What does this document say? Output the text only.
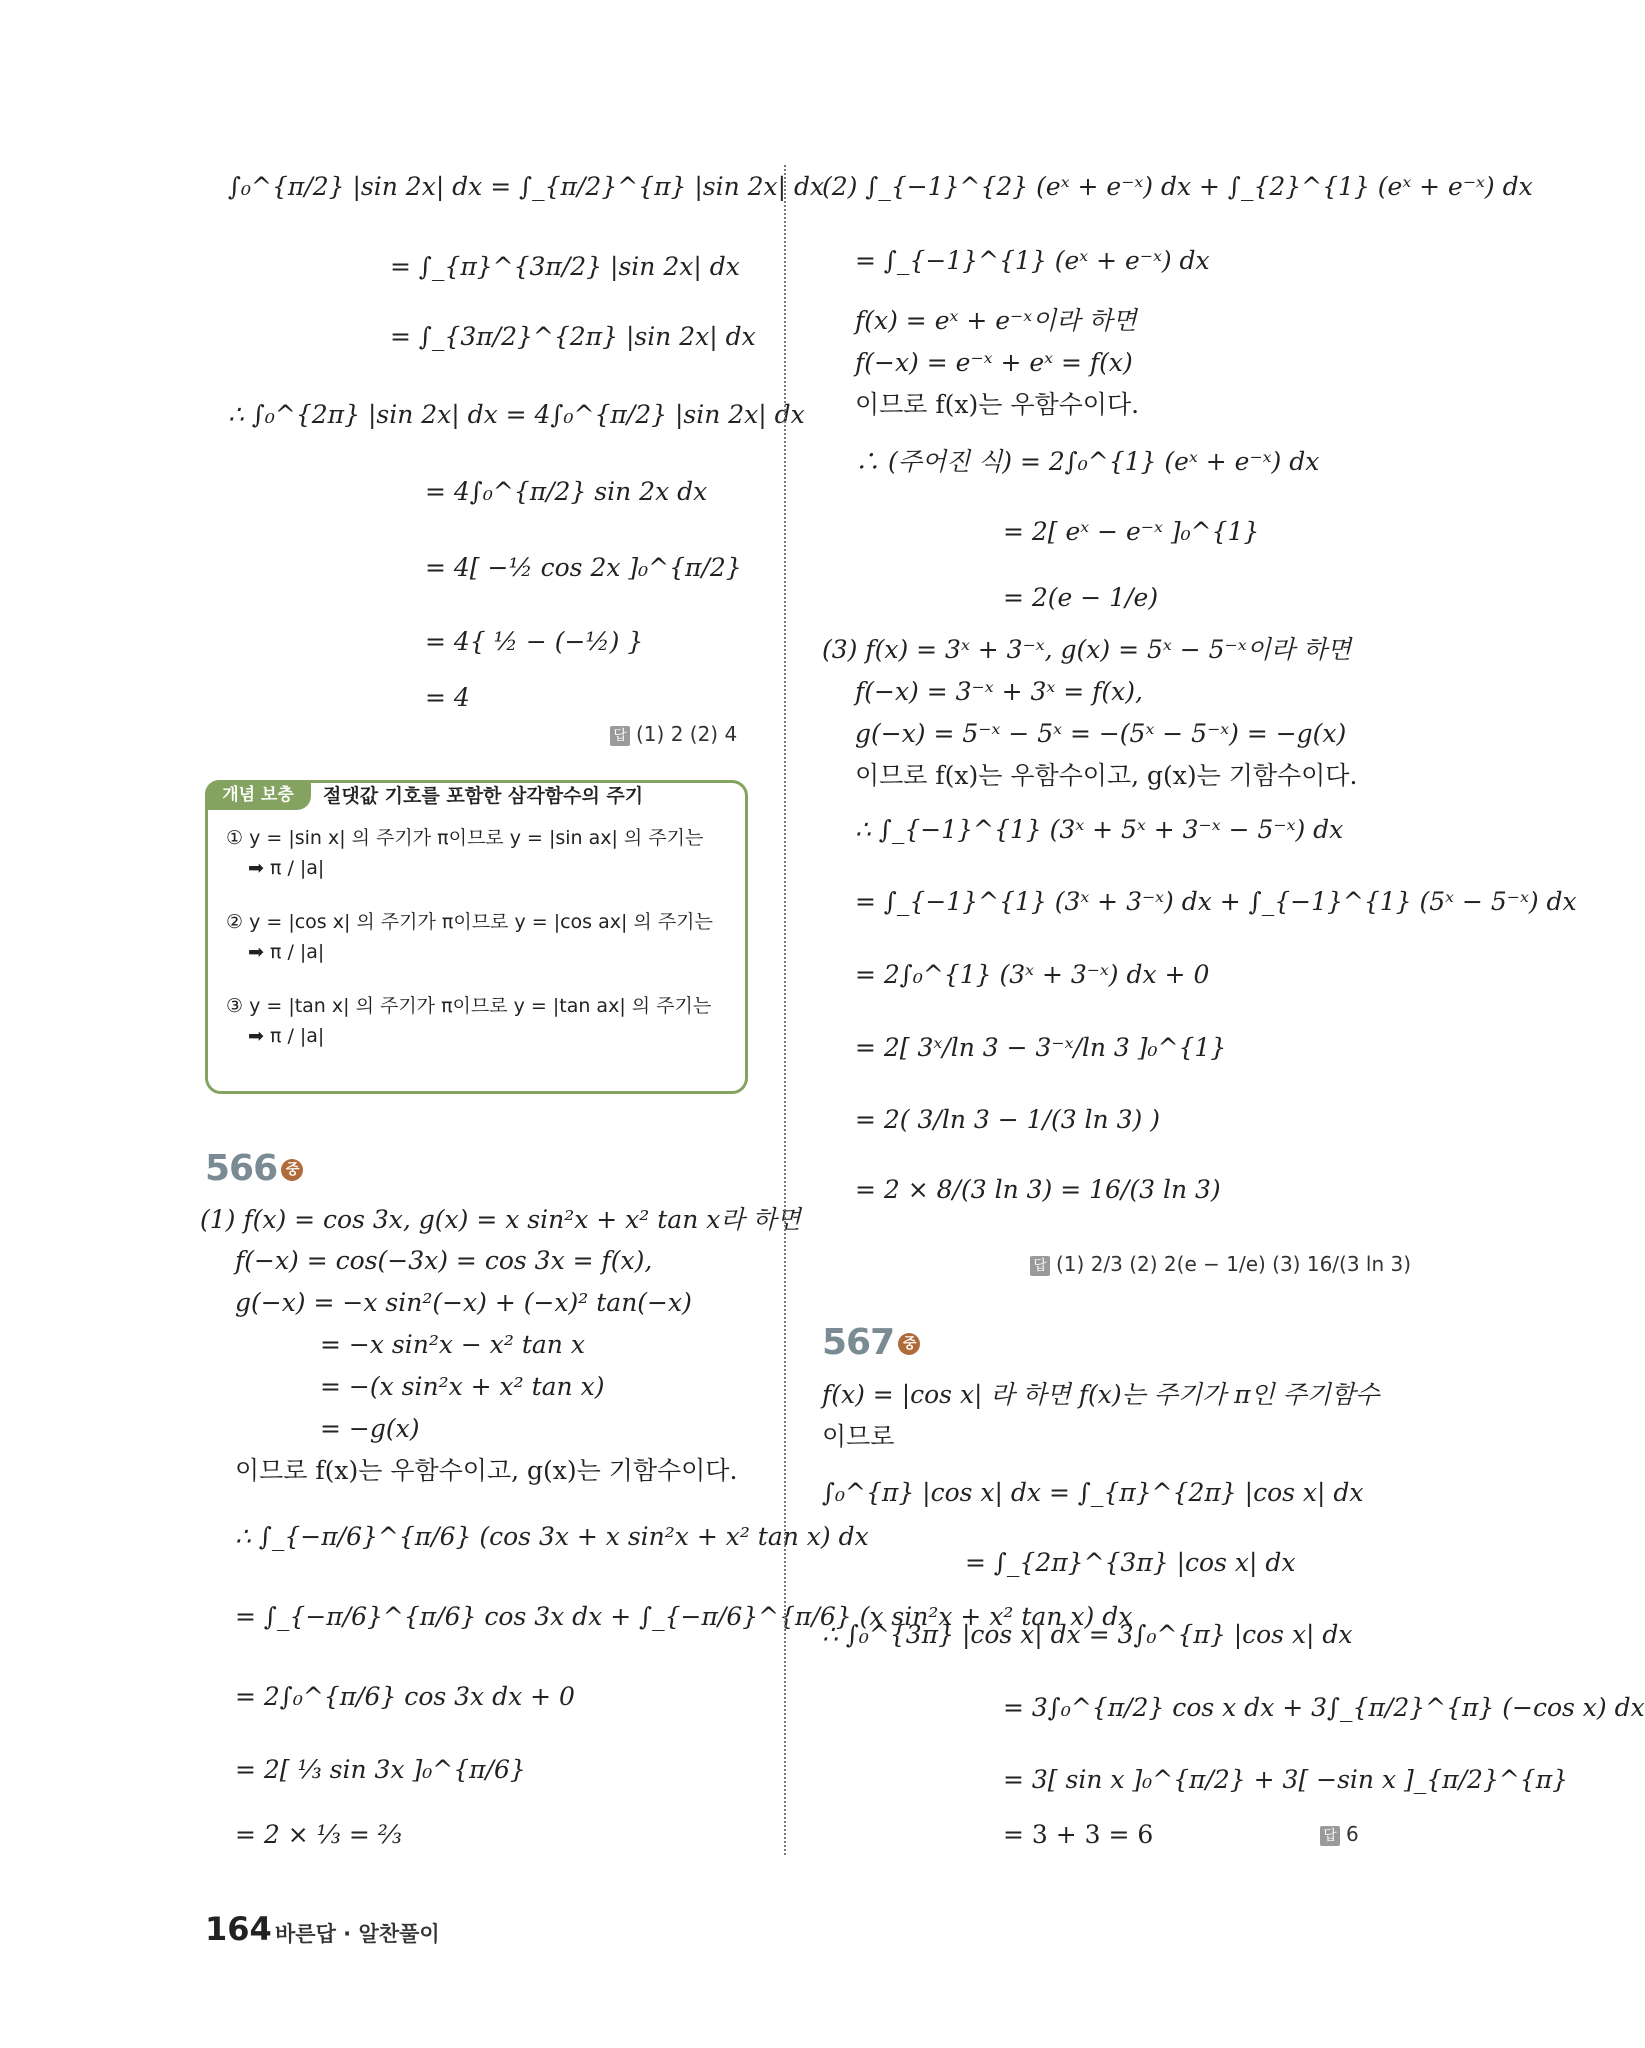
∫₀^{π/2} |sin 2x| dx = ∫_{π/2}^{π} |sin 2x| dx
= ∫_{π}^{3π/2} |sin 2x| dx
= ∫_{3π/2}^{2π} |sin 2x| dx
∴ ∫₀^{2π} |sin 2x| dx = 4∫₀^{π/2} |sin 2x| dx
= 4∫₀^{π/2} sin 2x dx
= 4[ −½ cos 2x ]₀^{π/2}
= 4{ ½ − (−½) }
= 4
답 (1) 2 (2) 4
개념 보충	절댓값 기호를 포함한 삼각함수의 주기
① y = |sin x| 의 주기가 π이므로 y = |sin ax| 의 주기는
➡ π / |a|
② y = |cos x| 의 주기가 π이므로 y = |cos ax| 의 주기는
➡ π / |a|
③ y = |tan x| 의 주기가 π이므로 y = |tan ax| 의 주기는
➡ π / |a|
566 중
(1) f(x) = cos 3x, g(x) = x sin²x + x² tan x라 하면
f(−x) = cos(−3x) = cos 3x = f(x),
g(−x) = −x sin²(−x) + (−x)² tan(−x)
= −x sin²x − x² tan x
= −(x sin²x + x² tan x)
= −g(x)
이므로 f(x)는 우함수이고, g(x)는 기함수이다.
∴ ∫_{−π/6}^{π/6} (cos 3x + x sin²x + x² tan x) dx
= ∫_{−π/6}^{π/6} cos 3x dx + ∫_{−π/6}^{π/6} (x sin²x + x² tan x) dx
= 2∫₀^{π/6} cos 3x dx + 0
= 2[ ⅓ sin 3x ]₀^{π/6}
= 2 × ⅓ = ⅔
(2) ∫_{−1}^{2} (eˣ + e⁻ˣ) dx + ∫_{2}^{1} (eˣ + e⁻ˣ) dx
= ∫_{−1}^{1} (eˣ + e⁻ˣ) dx
f(x) = eˣ + e⁻ˣ이라 하면
f(−x) = e⁻ˣ + eˣ = f(x)
이므로 f(x)는 우함수이다.
∴ (주어진 식) = 2∫₀^{1} (eˣ + e⁻ˣ) dx
= 2[ eˣ − e⁻ˣ ]₀^{1}
= 2(e − 1/e)
(3) f(x) = 3ˣ + 3⁻ˣ, g(x) = 5ˣ − 5⁻ˣ이라 하면
f(−x) = 3⁻ˣ + 3ˣ = f(x),
g(−x) = 5⁻ˣ − 5ˣ = −(5ˣ − 5⁻ˣ) = −g(x)
이므로 f(x)는 우함수이고, g(x)는 기함수이다.
∴ ∫_{−1}^{1} (3ˣ + 5ˣ + 3⁻ˣ − 5⁻ˣ) dx
= ∫_{−1}^{1} (3ˣ + 3⁻ˣ) dx + ∫_{−1}^{1} (5ˣ − 5⁻ˣ) dx
= 2∫₀^{1} (3ˣ + 3⁻ˣ) dx + 0
= 2[ 3ˣ/ln 3 − 3⁻ˣ/ln 3 ]₀^{1}
= 2( 3/ln 3 − 1/(3 ln 3) )
= 2 × 8/(3 ln 3) = 16/(3 ln 3)
답 (1) 2/3 (2) 2(e − 1/e) (3) 16/(3 ln 3)
567 중
f(x) = |cos x| 라 하면 f(x)는 주기가 π인 주기함수
이므로
∫₀^{π} |cos x| dx = ∫_{π}^{2π} |cos x| dx
= ∫_{2π}^{3π} |cos x| dx
∴ ∫₀^{3π} |cos x| dx = 3∫₀^{π} |cos x| dx
= 3∫₀^{π/2} cos x dx + 3∫_{π/2}^{π} (−cos x) dx
= 3[ sin x ]₀^{π/2} + 3[ −sin x ]_{π/2}^{π}
= 3 + 3 = 6	답 6
164 바른답 · 알찬풀이
